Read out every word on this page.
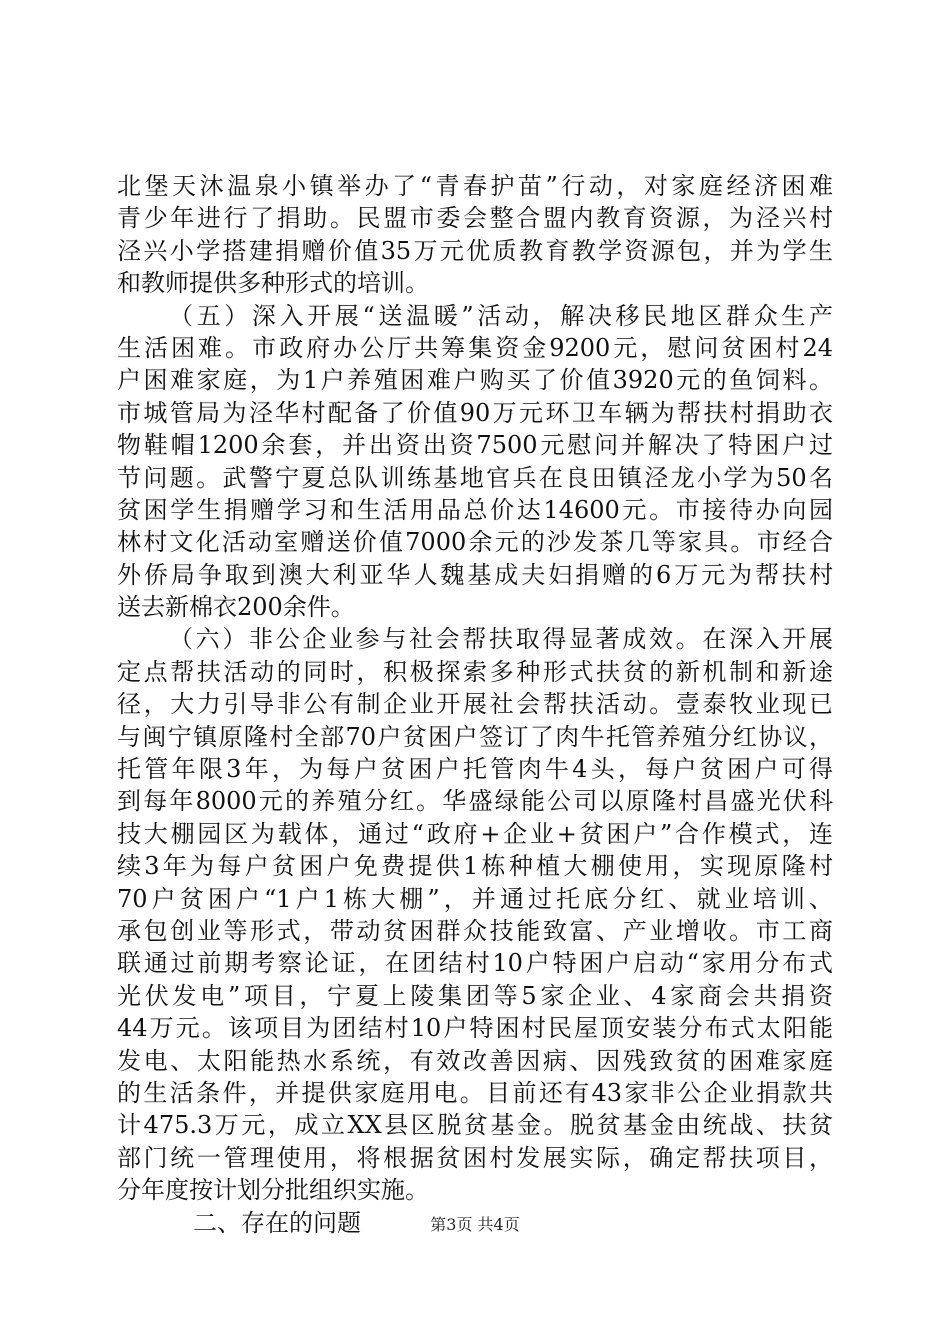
北堡天沐温泉小镇举办了“青春护苗”行动，对家庭经济困难
青少年进行了捐助。民盟市委会整合盟内教育资源，为泾兴村
泾兴小学搭建捐赠价值35万元优质教育教学资源包，并为学生
和教师提供多种形式的培训。
（五）深入开展“送温暖”活动，解决移民地区群众生产
生活困难。市政府办公厅共筹集资金9200元，慰问贫困村24
户困难家庭，为1户养殖困难户购买了价值3920元的鱼饲料。
市城管局为泾华村配备了价值90万元环卫车辆为帮扶村捐助衣
物鞋帽1200余套，并出资出资7500元慰问并解决了特困户过
节问题。武警宁夏总队训练基地官兵在良田镇泾龙小学为50名
贫困学生捐赠学习和生活用品总价达14600元。市接待办向园
林村文化活动室赠送价值7000余元的沙发茶几等家具。市经合
外侨局争取到澳大利亚华人魏基成夫妇捐赠的6万元为帮扶村
送去新棉衣200余件。
（六）非公企业参与社会帮扶取得显著成效。在深入开展
定点帮扶活动的同时，积极探索多种形式扶贫的新机制和新途
径，大力引导非公有制企业开展社会帮扶活动。壹泰牧业现已
与闽宁镇原隆村全部70户贫困户签订了肉牛托管养殖分红协议，
托管年限3年，为每户贫困户托管肉牛4头，每户贫困户可得
到每年8000元的养殖分红。华盛绿能公司以原隆村昌盛光伏科
技大棚园区为载体，通过“政府+企业+贫困户”合作模式，连
续3年为每户贫困户免费提供1栋种植大棚使用，实现原隆村
70户贫困户“1户1栋大棚”，并通过托底分红、就业培训、
承包创业等形式，带动贫困群众技能致富、产业增收。市工商
联通过前期考察论证，在团结村10户特困户启动“家用分布式
光伏发电”项目，宁夏上陵集团等5家企业、4家商会共捐资
44万元。该项目为团结村10户特困村民屋顶安装分布式太阳能
发电、太阳能热水系统，有效改善因病、因残致贫的困难家庭
的生活条件，并提供家庭用电。目前还有43家非公企业捐款共
计475.3万元，成立XX县区脱贫基金。脱贫基金由统战、扶贫
部门统一管理使用，将根据贫困村发展实际，确定帮扶项目，
分年度按计划分批组织实施。
二、存在的问题	第3页 共4页
